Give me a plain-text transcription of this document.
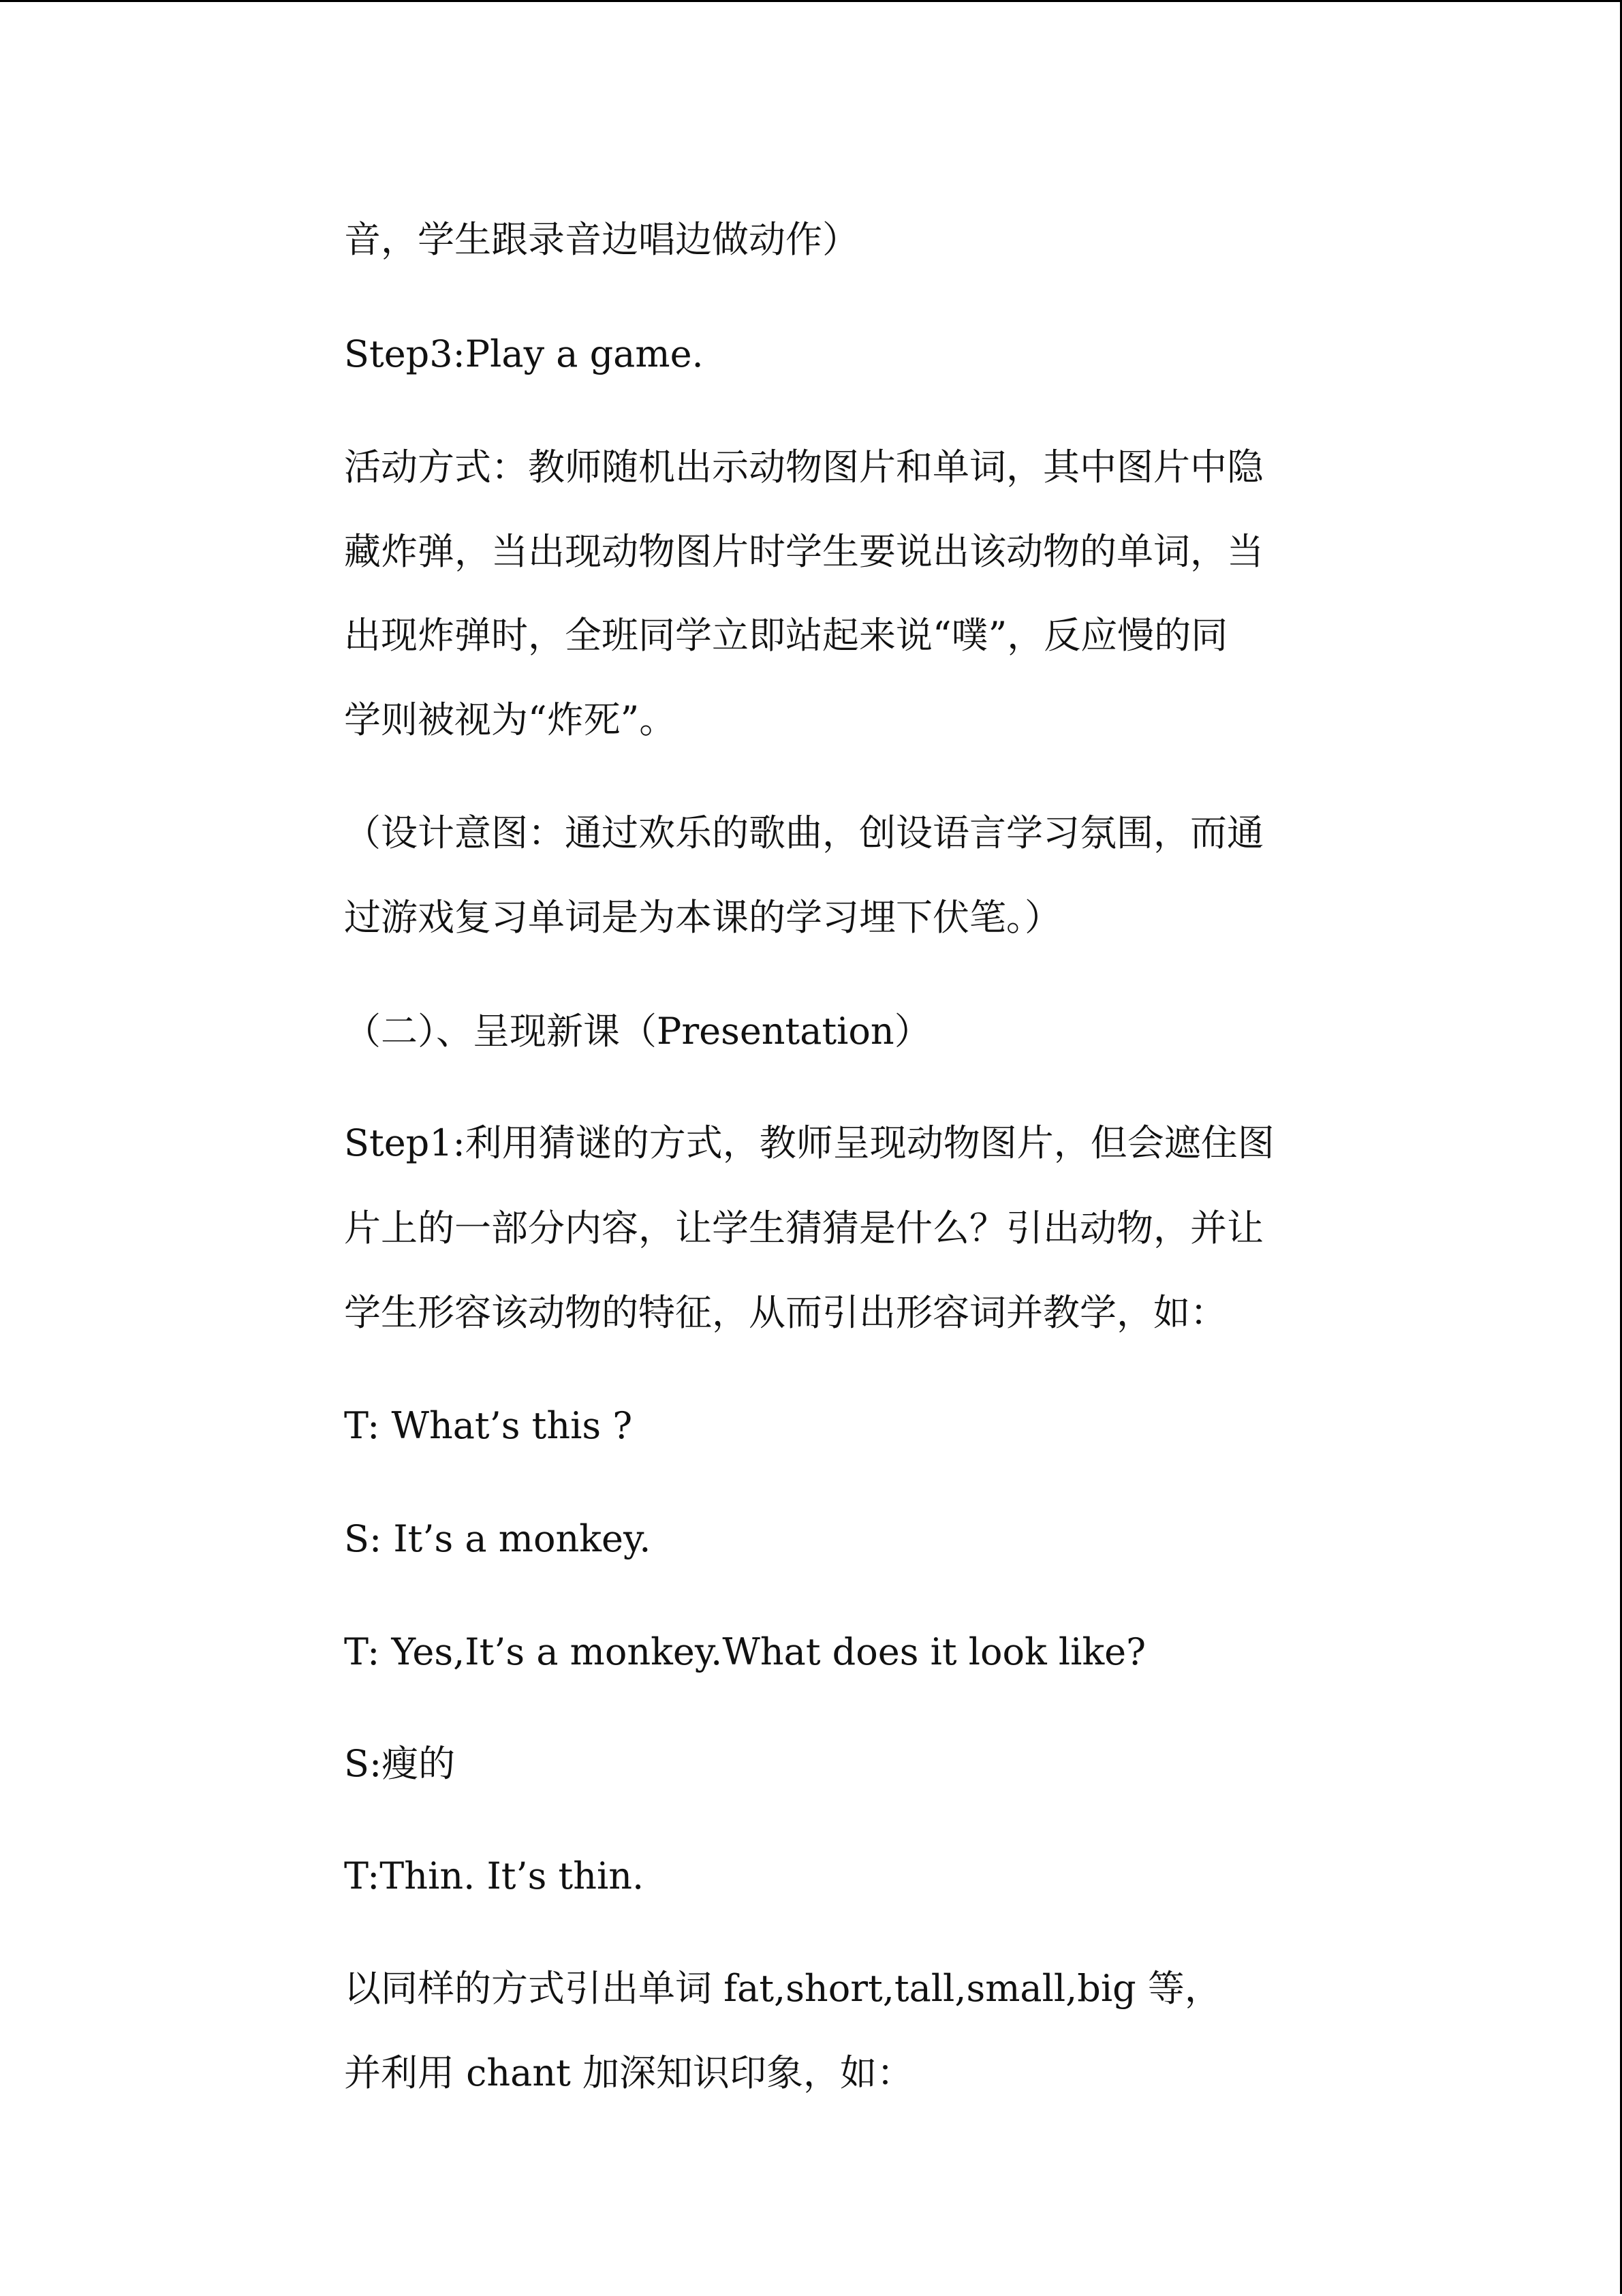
音，学生跟录音边唱边做动作）
Step3:Play a game.
活动方式：教师随机出示动物图片和单词，其中图片中隐
藏炸弹，当出现动物图片时学生要说出该动物的单词，当
出现炸弹时，全班同学立即站起来说“噗”，反应慢的同
学则被视为“炸死”。
（设计意图：通过欢乐的歌曲，创设语言学习氛围，而通
过游戏复习单词是为本课的学习埋下伏笔。）
（二）、呈现新课（Presentation）
Step1:利用猜谜的方式，教师呈现动物图片，但会遮住图
片上的一部分内容，让学生猜猜是什么？引出动物，并让
学生形容该动物的特征，从而引出形容词并教学，如：
T: What’s this ?
S: It’s a monkey.
T: Yes,It’s a monkey.What does it look like?
S:瘦的
T:Thin. It’s thin.
以同样的方式引出单词 fat,short,tall,small,big 等，
并利用 chant 加深知识印象，如：
